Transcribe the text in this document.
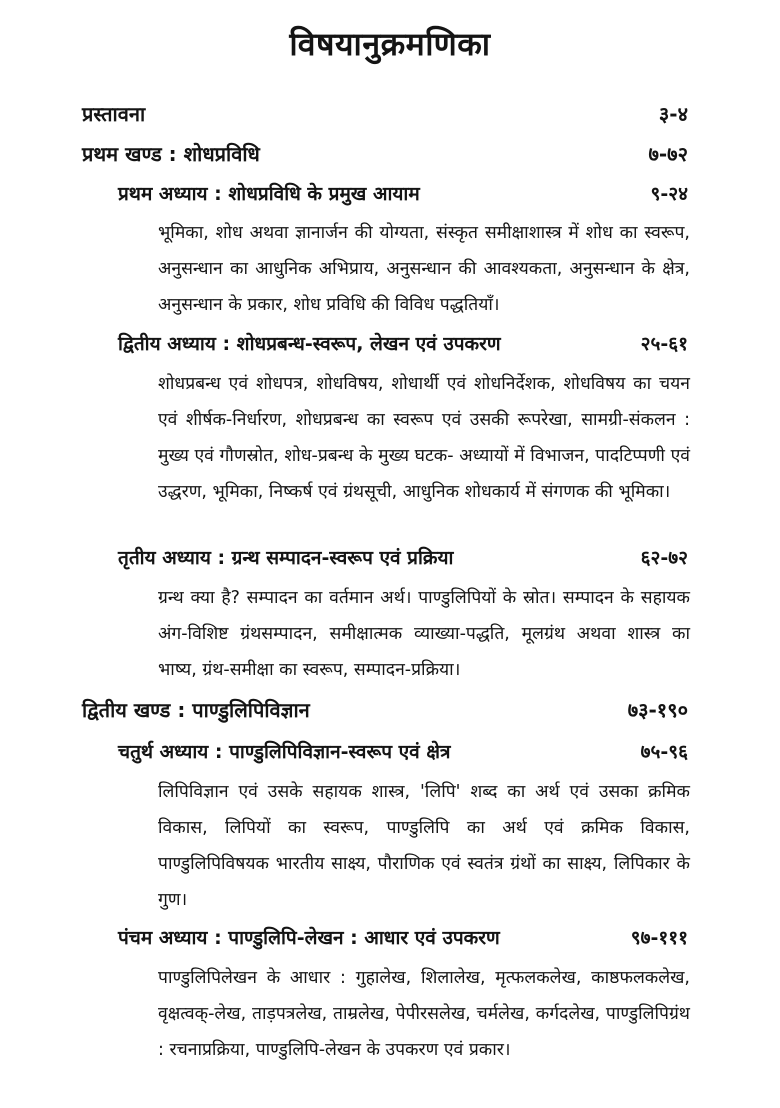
विषयानुक्रमणिका
प्रस्तावना	३-४
प्रथम खण्ड : शोधप्रविधि	७-७२
प्रथम अध्याय : शोधप्रविधि के प्रमुख आयाम	९-२४
भूमिका, शोध अथवा ज्ञानार्जन की योग्यता, संस्कृत समीक्षाशास्त्र में शोध का स्वरूप, अनुसन्धान का आधुनिक अभिप्राय, अनुसन्धान की आवश्यकता, अनुसन्धान के क्षेत्र, अनुसन्धान के प्रकार, शोध प्रविधि की विविध पद्धतियाँ।
द्वितीय अध्याय : शोधप्रबन्ध-स्वरूप, लेखन एवं उपकरण	२५-६१
शोधप्रबन्ध एवं शोधपत्र, शोधविषय, शोधार्थी एवं शोधनिर्देशक, शोधविषय का चयन एवं शीर्षक-निर्धारण, शोधप्रबन्ध का स्वरूप एवं उसकी रूपरेखा, सामग्री-संकलन : मुख्य एवं गौणस्रोत, शोध-प्रबन्ध के मुख्य घटक- अध्यायों में विभाजन, पादटिप्पणी एवं उद्धरण, भूमिका, निष्कर्ष एवं ग्रंथसूची, आधुनिक शोधकार्य में संगणक की भूमिका।
तृतीय अध्याय : ग्रन्थ सम्पादन-स्वरूप एवं प्रक्रिया	६२-७२
ग्रन्थ क्या है? सम्पादन का वर्तमान अर्थ। पाण्डुलिपियों के स्रोत। सम्पादन के सहायक अंग-विशिष्ट ग्रंथसम्पादन, समीक्षात्मक व्याख्या-पद्धति, मूलग्रंथ अथवा शास्त्र का भाष्य, ग्रंथ-समीक्षा का स्वरूप, सम्पादन-प्रक्रिया।
द्वितीय खण्ड : पाण्डुलिपिविज्ञान	७३-१९०
चतुर्थ अध्याय : पाण्डुलिपिविज्ञान-स्वरूप एवं क्षेत्र	७५-९६
लिपिविज्ञान एवं उसके सहायक शास्त्र, 'लिपि' शब्द का अर्थ एवं उसका क्रमिक विकास, लिपियों का स्वरूप, पाण्डुलिपि का अर्थ एवं क्रमिक विकास, पाण्डुलिपिविषयक भारतीय साक्ष्य, पौराणिक एवं स्वतंत्र ग्रंथों का साक्ष्य, लिपिकार के गुण।
पंचम अध्याय : पाण्डुलिपि-लेखन : आधार एवं उपकरण	९७-१११
पाण्डुलिपिलेखन के आधार : गुहालेख, शिलालेख, मृत्फलकलेख, काष्ठफलकलेख, वृक्षत्वक्-लेख, ताड़पत्रलेख, ताम्रलेख, पेपीरसलेख, चर्मलेख, कर्गदलेख, पाण्डुलिपिग्रंथ : रचनाप्रक्रिया, पाण्डुलिपि-लेखन के उपकरण एवं प्रकार।
